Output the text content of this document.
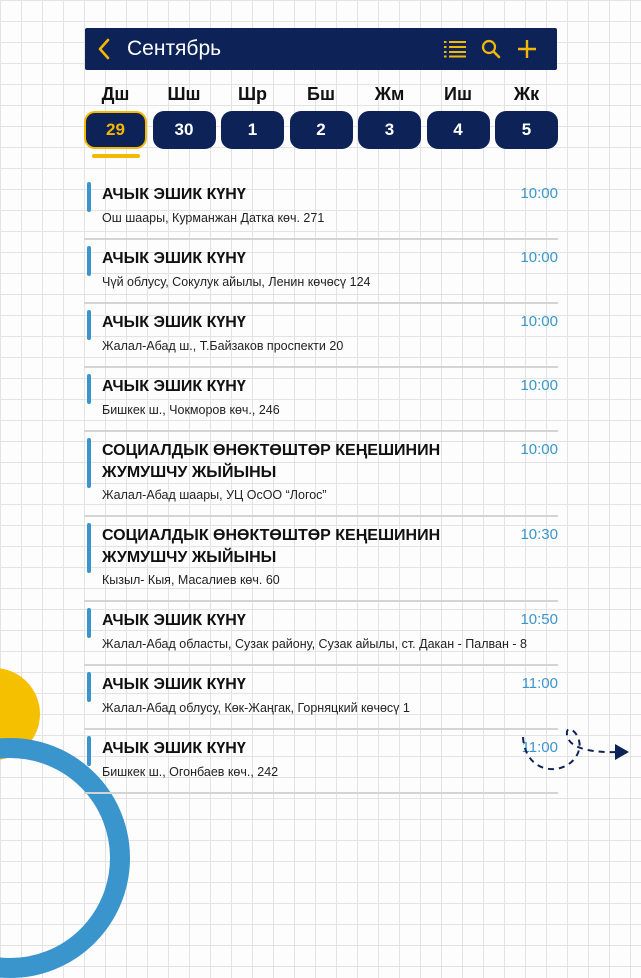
Сентябрь
Дш	Шш	Шр	Бш	Жм	Иш	Жк
29	30	1	2	3	4	5
АЧЫК ЭШИК КҮНҮ	10:00
Ош шаары, Курманжан Датка көч. 271
АЧЫК ЭШИК КҮНҮ	10:00
Чүй облусу, Сокулук айылы, Ленин көчөсү 124
АЧЫК ЭШИК КҮНҮ	10:00
Жалал-Абад ш., Т.Байзаков проспекти 20
АЧЫК ЭШИК КҮНҮ	10:00
Бишкек ш., Чокморов көч., 246
СОЦИАЛДЫК ӨНӨКТӨШТӨР КЕҢЕШИНИН ЖУМУШЧУ ЖЫЙЫНЫ
10:00
Жалал-Абад шаары, УЦ ОсОО “Логос”
СОЦИАЛДЫК ӨНӨКТӨШТӨР КЕҢЕШИНИН ЖУМУШЧУ ЖЫЙЫНЫ
10:30
Кызыл- Кыя, Масалиев көч. 60
АЧЫК ЭШИК КҮНҮ	10:50
Жалал-Абад областы, Сузак району, Сузак айылы, ст. Дакан - Палван - 8
АЧЫК ЭШИК КҮНҮ	11:00
Жалал-Абад облусу, Көк-Жаңгак, Горняцкий көчөсү 1
АЧЫК ЭШИК КҮНҮ	11:00
Бишкек ш., Огонбаев көч., 242
